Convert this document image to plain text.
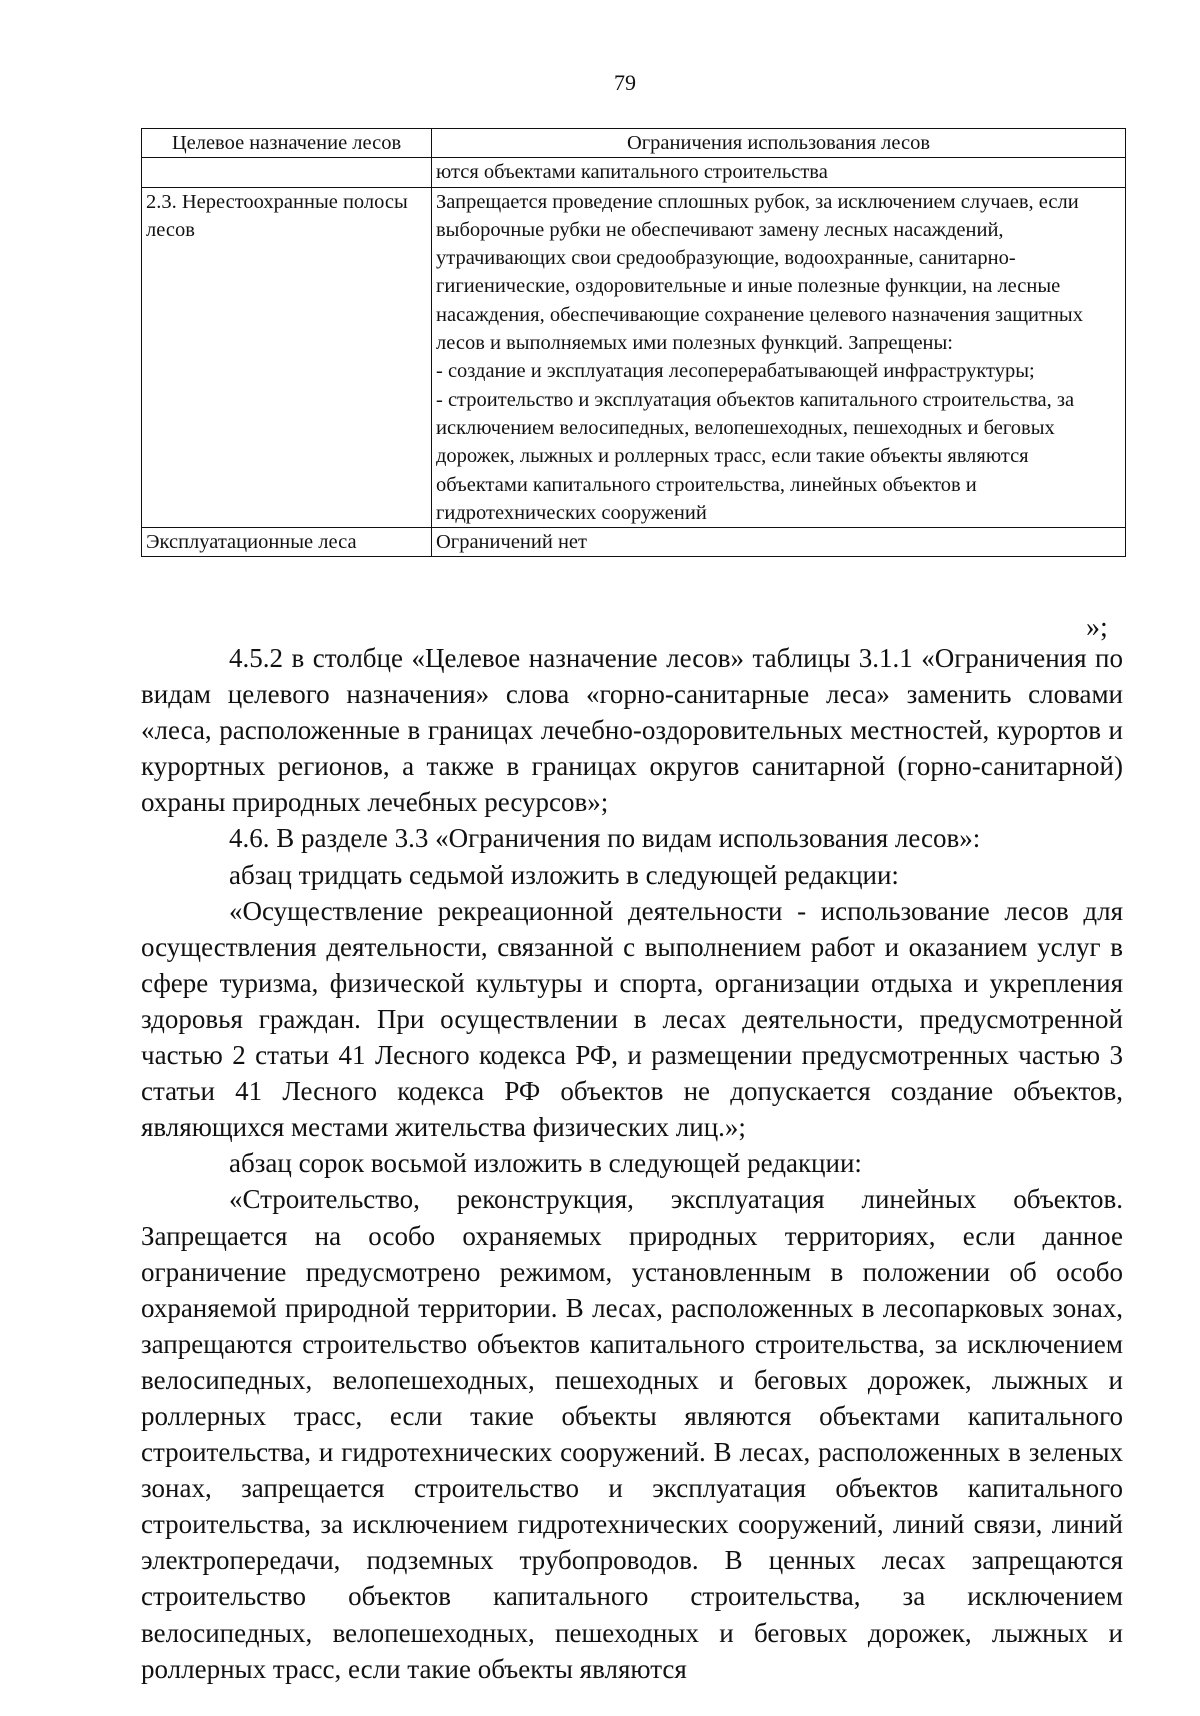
79
Целевое назначение лесов	Ограничения использования лесов
	ются объектами капитального строительства
2.3. Нерестоохранные полосы лесов	Запрещается проведение сплошных рубок, за исключением случаев, если выборочные рубки не обеспечивают замену лесных насаждений, утрачивающих свои средообразующие, водоохранные, санитарно-гигиенические, оздоровительные и иные полезные функции, на лесные насаждения, обеспечивающие сохранение целевого назначения защитных лесов и выполняемых ими полезных функций. Запрещены:
- создание и эксплуатация лесоперерабатывающей инфраструктуры;
- строительство и эксплуатация объектов капитального строительства, за исключением велосипедных, велопешеходных, пешеходных и беговых дорожек, лыжных и роллерных трасс, если такие объекты являются объектами капитального строительства, линейных объектов и гидротехнических сооружений

Эксплуатационные леса	Ограничений нет
»;

4.5.2 в столбце «Целевое назначение лесов» таблицы 3.1.1 «Ограничения по видам целевого назначения» слова «горно-санитарные леса» заменить словами «леса, расположенные в границах лечебно-оздоровительных местностей, курортов и курортных регионов, а также в границах округов санитарной (горно-санитарной) охраны природных лечебных ресурсов»;

4.6. В разделе 3.3 «Ограничения по видам использования лесов»:

абзац тридцать седьмой изложить в следующей редакции:

«Осуществление рекреационной деятельности - использование лесов для осуществления деятельности, связанной с выполнением работ и оказанием услуг в сфере туризма, физической культуры и спорта, организации отдыха и укрепления здоровья граждан. При осуществлении в лесах деятельности, предусмотренной частью 2 статьи 41 Лесного кодекса РФ, и размещении предусмотренных частью 3 статьи 41 Лесного кодекса РФ объектов не допускается создание объектов, являющихся местами жительства физических лиц.»;

абзац сорок восьмой изложить в следующей редакции:

«Строительство, реконструкция, эксплуатация линейных объектов. Запрещается на особо охраняемых природных территориях, если данное ограничение предусмотрено режимом, установленным в положении об особо охраняемой природной территории. В лесах, расположенных в лесопарковых зонах, запрещаются строительство объектов капитального строительства, за исключением велосипедных, велопешеходных, пешеходных и беговых дорожек, лыжных и роллерных трасс, если такие объекты являются объектами капитального строительства, и гидротехнических сооружений. В лесах, расположенных в зеленых зонах, запрещается строительство и эксплуатация объектов капитального строительства, за исключением гидротехнических сооружений, линий связи, линий электропередачи, подземных трубопроводов. В ценных лесах запрещаются строительство объектов капитального строительства, за исключением велосипедных, велопешеходных, пешеходных и беговых дорожек, лыжных и роллерных трасс, если такие объекты являются
